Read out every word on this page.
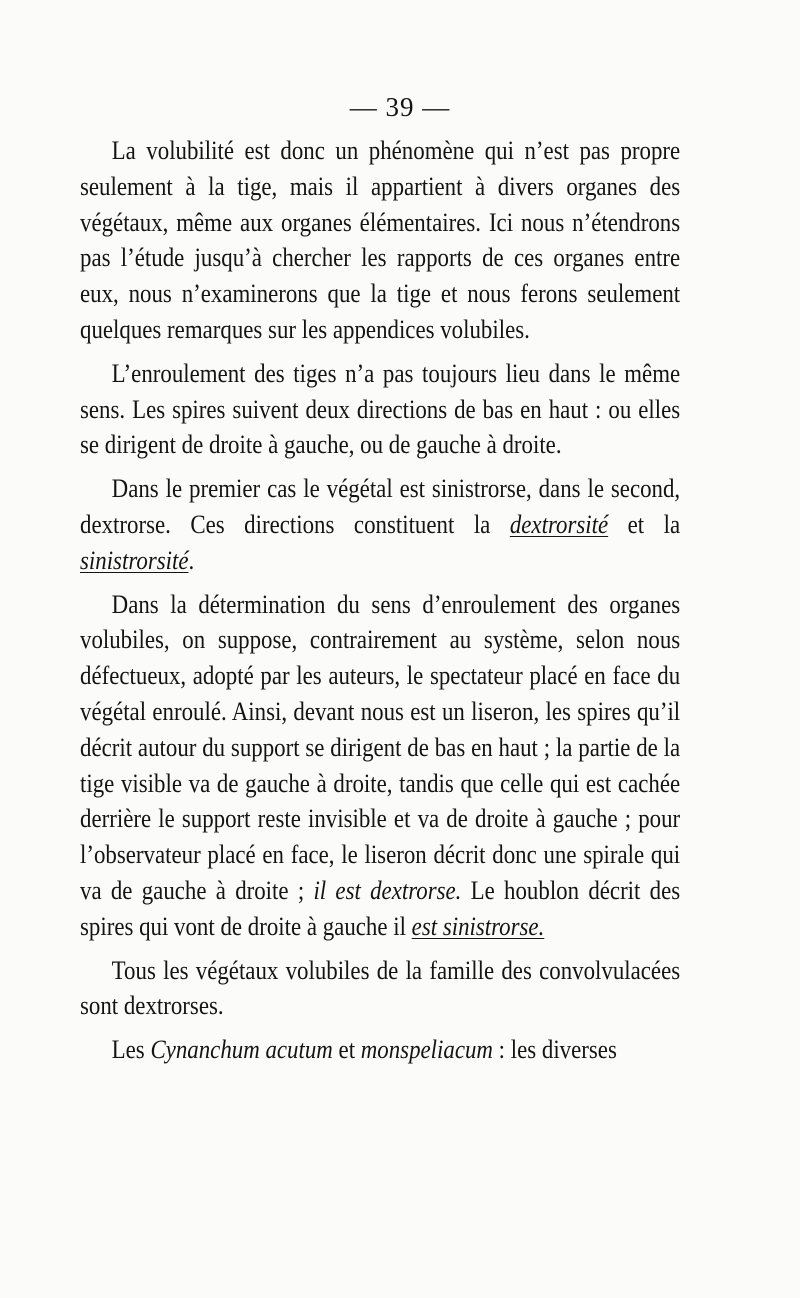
— 39 —

La volubilité est donc un phénomène qui n’est pas propre seulement à la tige, mais il appartient à divers organes des végétaux, même aux organes élémentaires. Ici nous n’étendrons pas l’étude jusqu’à chercher les rapports de ces organes entre eux, nous n’examinerons que la tige et nous ferons seulement quelques remarques sur les appendices volubiles.

L’enroulement des tiges n’a pas toujours lieu dans le même sens. Les spires suivent deux directions de bas en haut : ou elles se dirigent de droite à gauche, ou de gauche à droite.

Dans le premier cas le végétal est sinistrorse, dans le second, dextrorse. Ces directions constituent la dextrorsité et la sinistrorsité.

Dans la détermination du sens d’enroulement des organes volubiles, on suppose, contrairement au système, selon nous défectueux, adopté par les auteurs, le spectateur placé en face du végétal enroulé. Ainsi, devant nous est un liseron, les spires qu’il décrit autour du support se dirigent de bas en haut ; la partie de la tige visible va de gauche à droite, tandis que celle qui est cachée derrière le support reste invisible et va de droite à gauche ; pour l’observateur placé en face, le liseron décrit donc une spirale qui va de gauche à droite ; il est dextrorse. Le houblon décrit des spires qui vont de droite à gauche il est sinistrorse.

Tous les végétaux volubiles de la famille des convolvulacées sont dextrorses.

Les Cynanchum acutum et monspeliacum : les diverses
